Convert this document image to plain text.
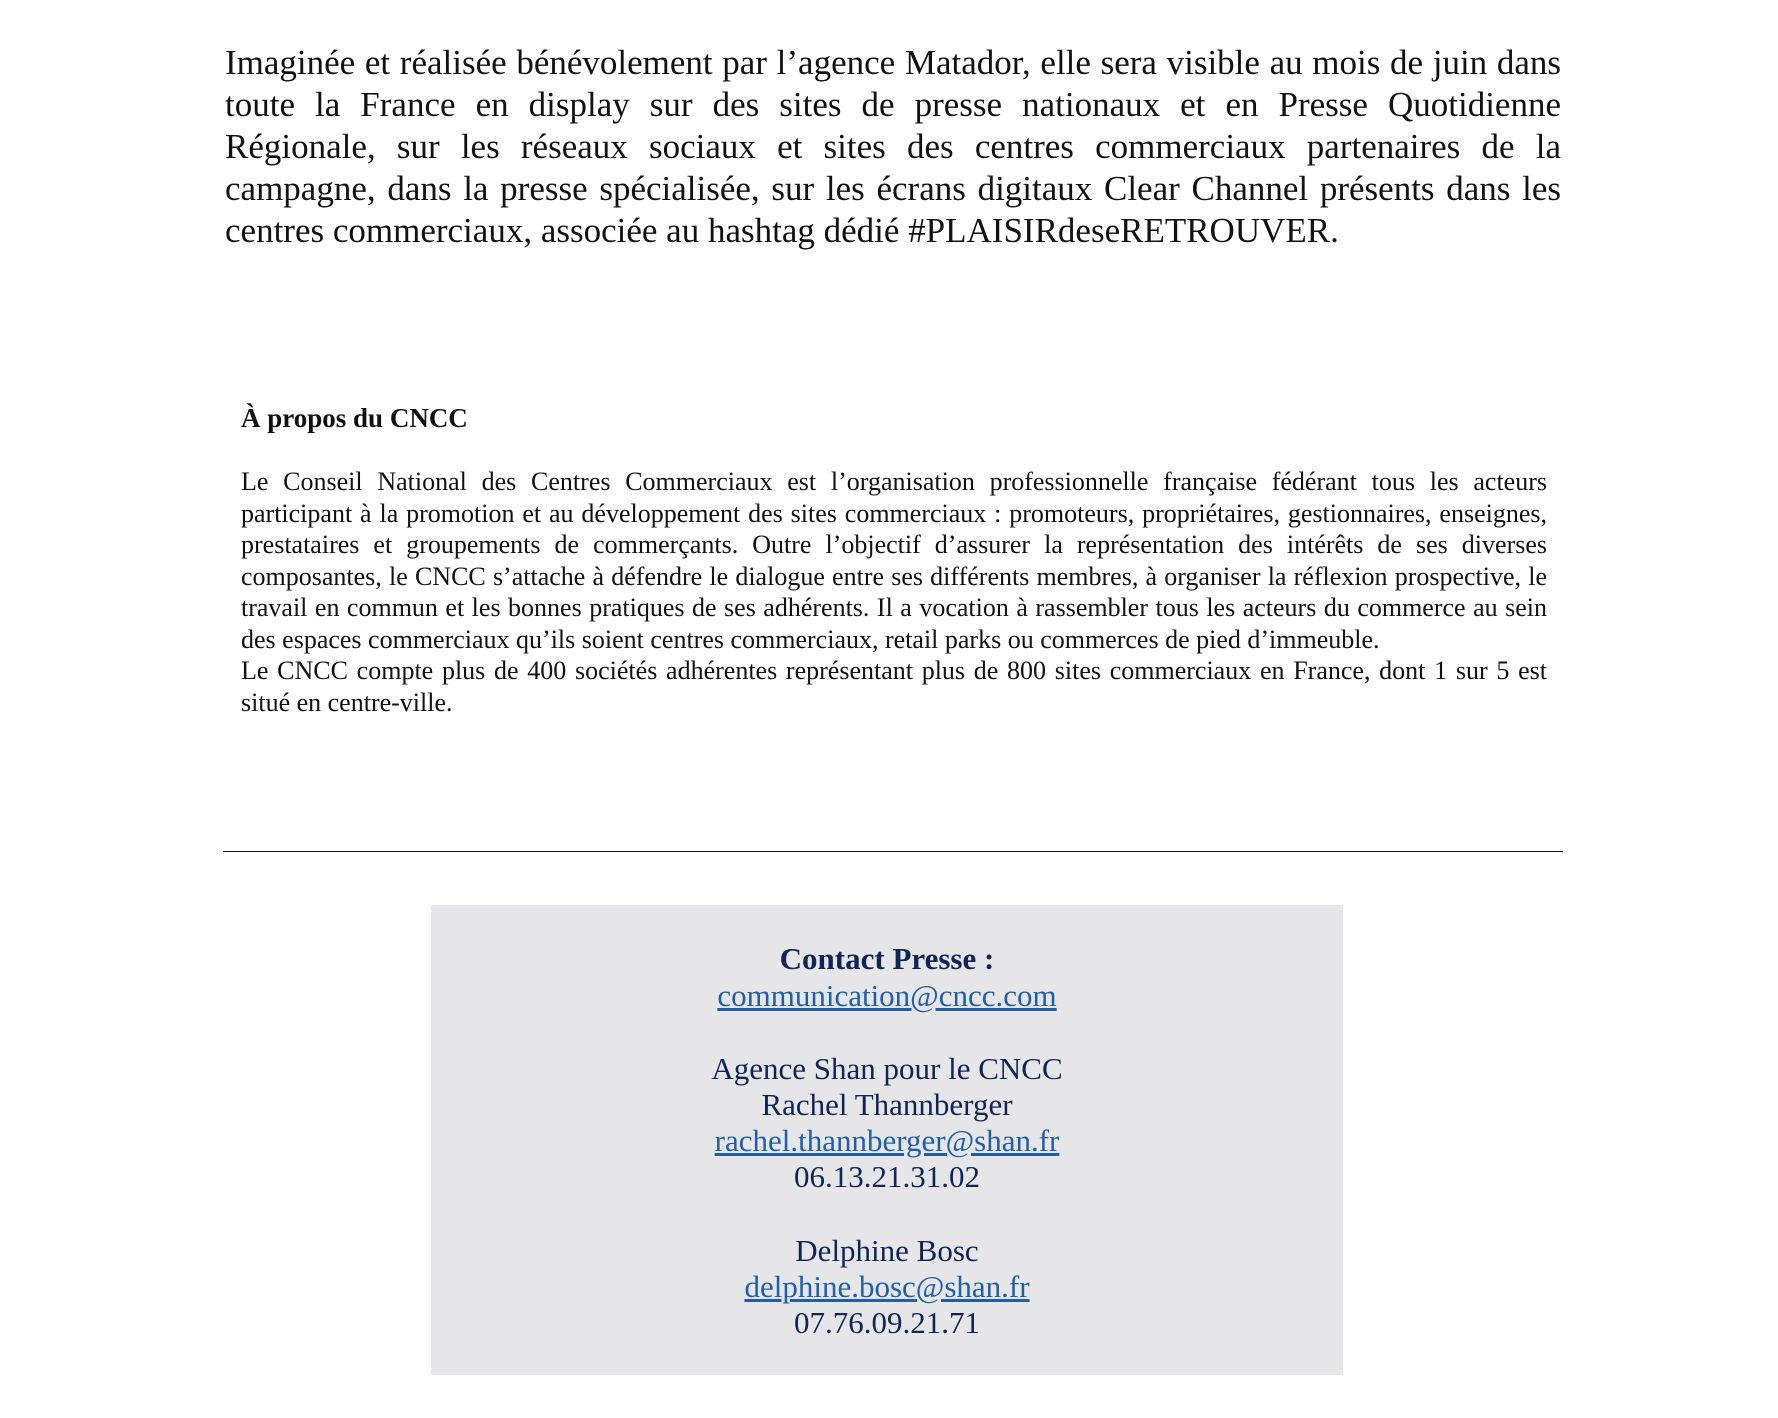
Imaginée et réalisée bénévolement par l’agence Matador, elle sera visible au mois de juin dans toute la France en display sur des sites de presse nationaux et en Presse Quotidienne Régionale, sur les réseaux sociaux et sites des centres commerciaux partenaires de la campagne, dans la presse spécialisée, sur les écrans digitaux Clear Channel présents dans les centres commerciaux, associée au hashtag dédié #PLAISIRdeseRETROUVER.

À propos du CNCC

Le Conseil National des Centres Commerciaux est l’organisation professionnelle française fédérant tous les acteurs participant à la promotion et au développement des sites commerciaux : promoteurs, propriétaires, gestionnaires, enseignes, prestataires et groupements de commerçants. Outre l’objectif d’assurer la représentation des intérêts de ses diverses composantes, le CNCC s’attache à défendre le dialogue entre ses différents membres, à organiser la réflexion prospective, le travail en commun et les bonnes pratiques de ses adhérents. Il a vocation à rassembler tous les acteurs du commerce au sein des espaces commerciaux qu’ils soient centres commerciaux, retail parks ou commerces de pied d’immeuble.

Le CNCC compte plus de 400 sociétés adhérentes représentant plus de 800 sites commerciaux en France, dont 1 sur 5 est situé en centre-ville.

Contact Presse :
communication@cncc.com
Agence Shan pour le CNCC
Rachel Thannberger
rachel.thannberger@shan.fr
06.13.21.31.02
Delphine Bosc
delphine.bosc@shan.fr
07.76.09.21.71
